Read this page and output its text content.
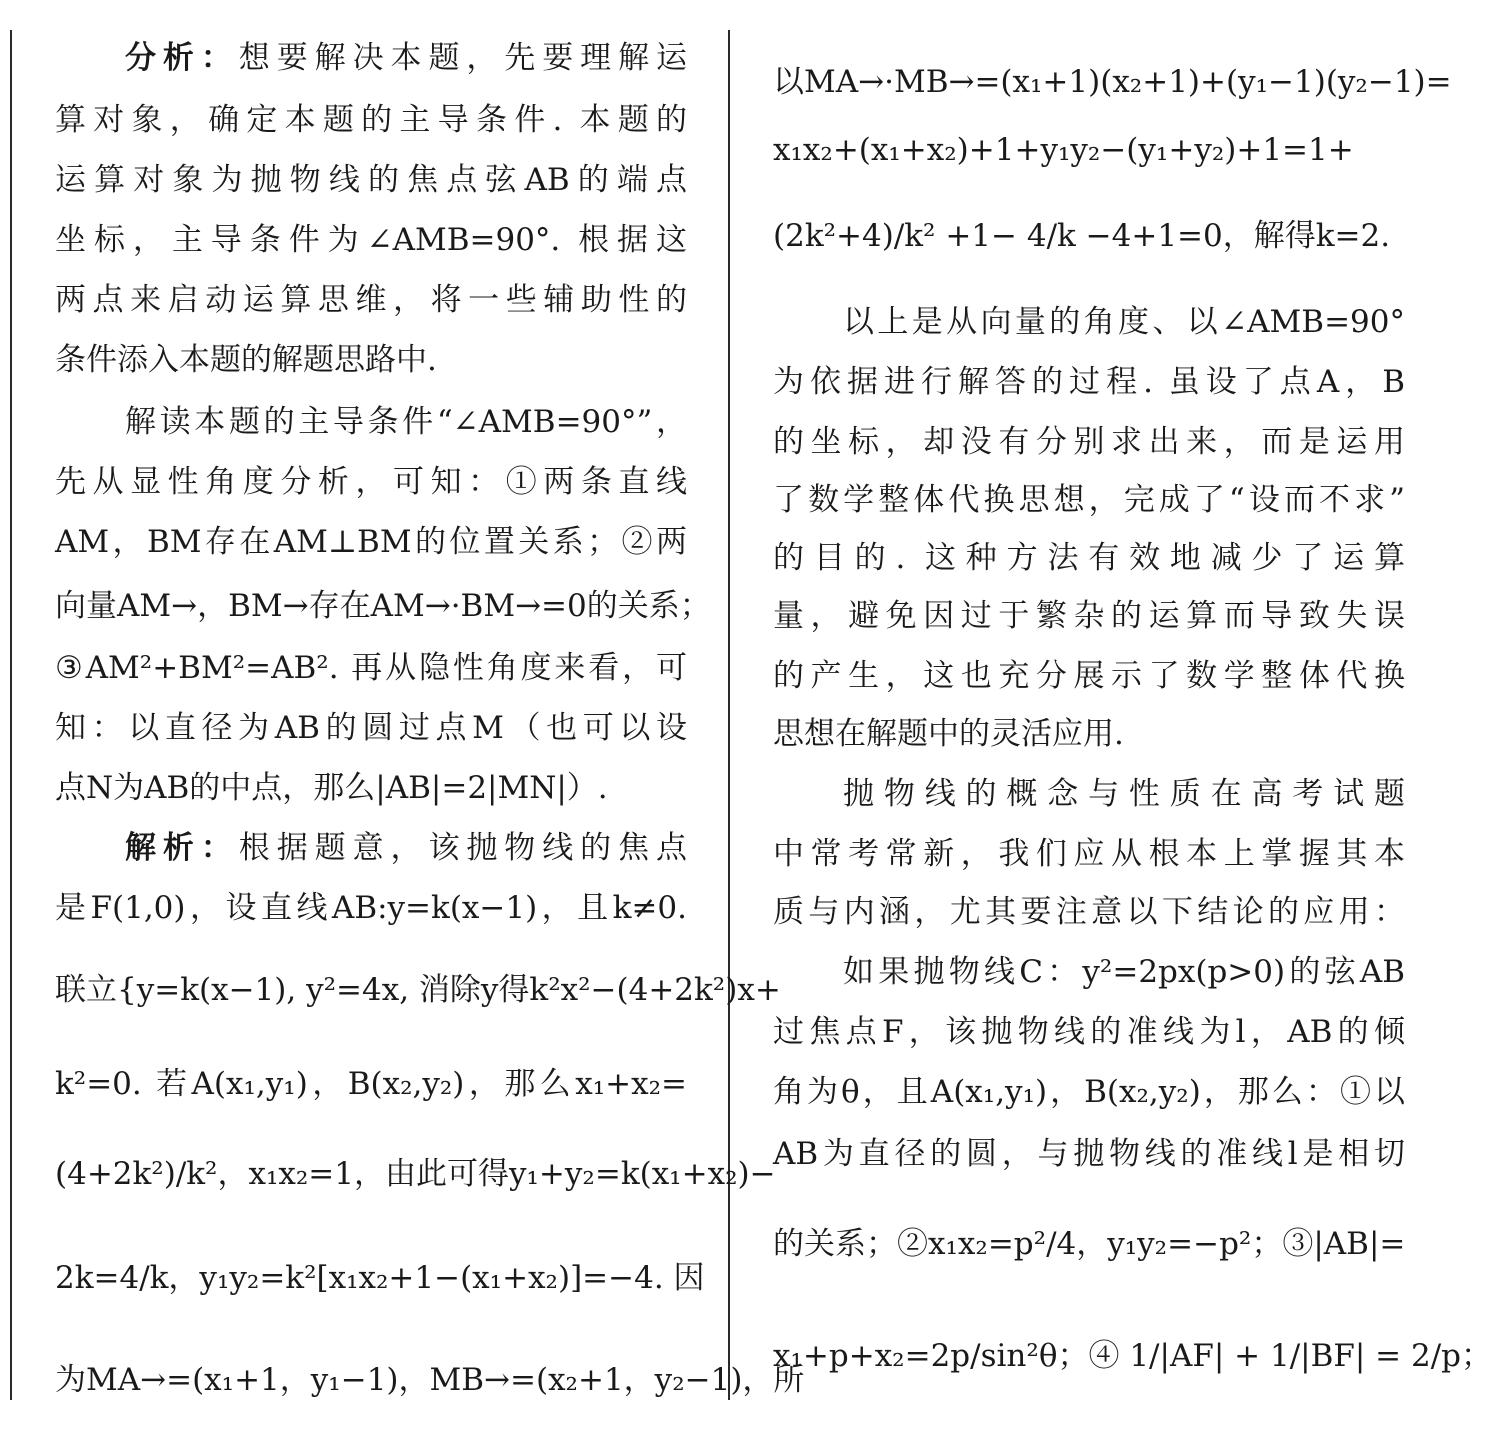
分析：想要解决本题，先要理解运
算对象，确定本题的主导条件. 本题的
运算对象为抛物线的焦点弦AB的端点
坐标，主导条件为∠AMB=90°. 根据这
两点来启动运算思维，将一些辅助性的
条件添入本题的解题思路中.
解读本题的主导条件“∠AMB=90°”，
先从显性角度分析，可知：①两条直线
AM，BM存在AM⊥BM的位置关系；②两
向量AM→，BM→存在AM→·BM→=0的关系；
③AM²+BM²=AB². 再从隐性角度来看，可
知：以直径为AB的圆过点M（也可以设
点N为AB的中点，那么|AB|=2|MN|）.
解析：根据题意，该抛物线的焦点
是F(1,0)，设直线AB:y=k(x−1)，且k≠0.
联立{y=k(x−1), y²=4x, 消除y得k²x²−(4+2k²)x+
k²=0. 若A(x₁,y₁)，B(x₂,y₂)，那么x₁+x₂=
(4+2k²)/k²，x₁x₂=1，由此可得y₁+y₂=k(x₁+x₂)−
2k=4/k，y₁y₂=k²[x₁x₂+1−(x₁+x₂)]=−4. 因
为MA→=(x₁+1，y₁−1)，MB→=(x₂+1，y₂−1)，所
以MA→·MB→=(x₁+1)(x₂+1)+(y₁−1)(y₂−1)=
x₁x₂+(x₁+x₂)+1+y₁y₂−(y₁+y₂)+1=1+
(2k²+4)/k² +1− 4/k −4+1=0，解得k=2.
以上是从向量的角度、以∠AMB=90°
为依据进行解答的过程. 虽设了点A，B
的坐标，却没有分别求出来，而是运用
了数学整体代换思想，完成了“设而不求”
的目的. 这种方法有效地减少了运算
量，避免因过于繁杂的运算而导致失误
的产生，这也充分展示了数学整体代换
思想在解题中的灵活应用.
抛物线的概念与性质在高考试题
中常考常新，我们应从根本上掌握其本
质与内涵，尤其要注意以下结论的应用：
如果抛物线C：y²=2px(p>0)的弦AB
过焦点F，该抛物线的准线为l，AB的倾
角为θ，且A(x₁,y₁)，B(x₂,y₂)，那么：①以
AB为直径的圆，与抛物线的准线l是相切
的关系；②x₁x₂=p²/4，y₁y₂=−p²；③|AB|=
x₁+p+x₂=2p/sin²θ；④ 1/|AF| + 1/|BF| = 2/p；
